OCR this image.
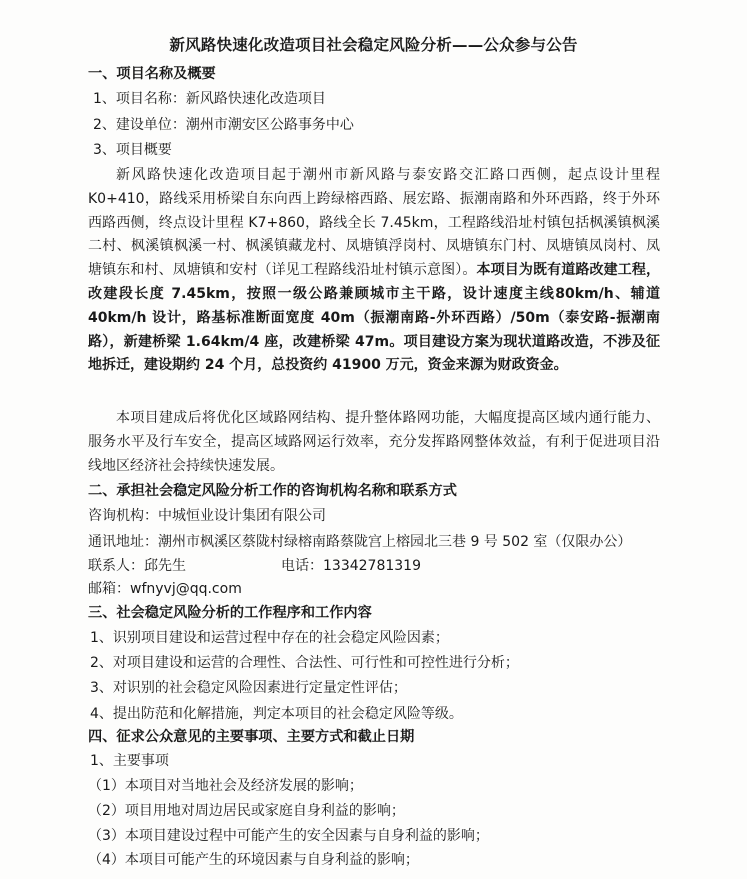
新风路快速化改造项目社会稳定风险分析——公众参与公告
一、项目名称及概要
1、项目名称：新风路快速化改造项目
2、建设单位：潮州市潮安区公路事务中心
3、项目概要
新风路快速化改造项目起于潮州市新风路与泰安路交汇路口西侧，起点设计里程K0+410，路线采用桥梁自东向西上跨绿榕西路、展宏路、振潮南路和外环西路，终于外环西路西侧，终点设计里程 K7+860，路线全长 7.45km，工程路线沿址村镇包括枫溪镇枫溪二村、枫溪镇枫溪一村、枫溪镇藏龙村、凤塘镇浮岗村、凤塘镇东门村、凤塘镇凤岗村、凤塘镇东和村、凤塘镇和安村（详见工程路线沿址村镇示意图）。本项目为既有道路改建工程，改建段长度 7.45km，按照一级公路兼顾城市主干路，设计速度主线80km/h、辅道 40km/h 设计，路基标准断面宽度 40m（振潮南路-外环西路）/50m（泰安路-振潮南路），新建桥梁 1.64km/4 座，改建桥梁 47m。项目建设方案为现状道路改造，不涉及征地拆迁，建设期约 24 个月，总投资约 41900 万元，资金来源为财政资金。
本项目建成后将优化区域路网结构、提升整体路网功能，大幅度提高区域内通行能力、服务水平及行车安全，提高区域路网运行效率，充分发挥路网整体效益，有利于促进项目沿线地区经济社会持续快速发展。
二、承担社会稳定风险分析工作的咨询机构名称和联系方式
咨询机构：中城恒业设计集团有限公司
通讯地址：潮州市枫溪区蔡陇村绿榕南路蔡陇宫上榕园北三巷 9 号 502 室（仅限办公）
联系人：邱先生	电话：13342781319
邮箱：wfnyvj@qq.com
三、社会稳定风险分析的工作程序和工作内容
1、识别项目建设和运营过程中存在的社会稳定风险因素；
2、对项目建设和运营的合理性、合法性、可行性和可控性进行分析；
3、对识别的社会稳定风险因素进行定量定性评估；
4、提出防范和化解措施，判定本项目的社会稳定风险等级。
四、征求公众意见的主要事项、主要方式和截止日期
1、主要事项
（1）本项目对当地社会及经济发展的影响；
（2）项目用地对周边居民或家庭自身利益的影响；
（3）本项目建设过程中可能产生的安全因素与自身利益的影响；
（4）本项目可能产生的环境因素与自身利益的影响；
